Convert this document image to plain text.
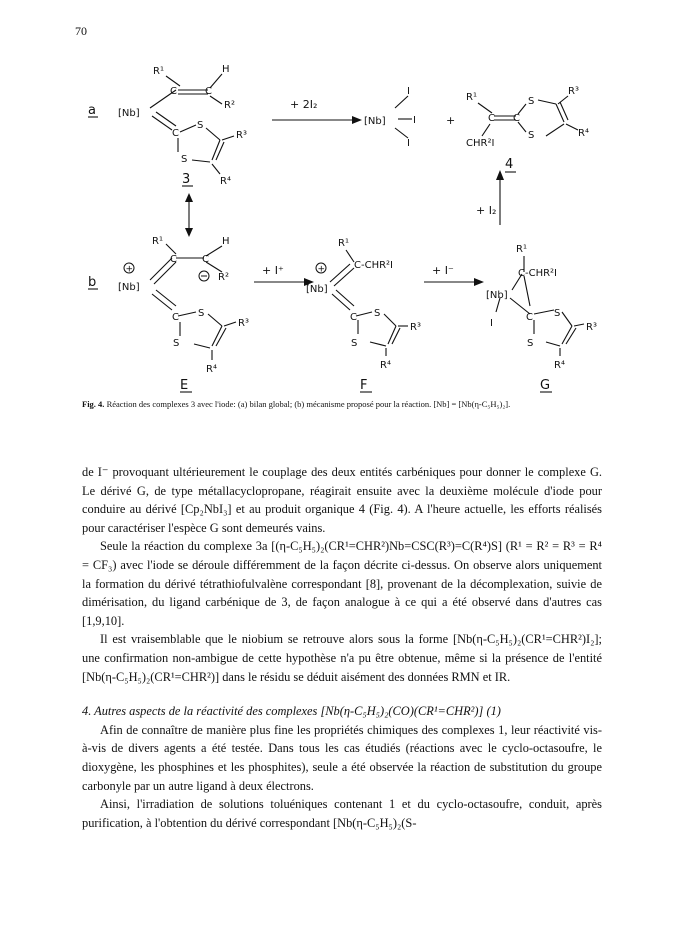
70
a
b
R¹	H
C	C
R²
[Nb]
C
S
R³
S
R⁴
3
+ 2I₂
[Nb]
I
I
I
+
R¹
C C
S
S
R³
R⁴
CHR²I
4
+ I₂
R¹	H
C	C
R²
+
[Nb]
C S
R³
S
R⁴
E
+ I⁺
R¹
+	C-CHR²I
[Nb]
C S
R³
S
R⁴
F
+ I⁻
R¹
C-CHR²I
[Nb]
I
C S
R³
S
R⁴
G
Fig. 4. Réaction des complexes 3 avec l'iode: (a) bilan global; (b) mécanisme proposé pour la réaction. [Nb] = [Nb(η-C₅H₅)₂].

de I⁻ provoquant ultérieurement le couplage des deux entités carbéniques pour donner le complexe G. Le dérivé G, de type métallacyclopropane, réagirait ensuite avec la deuxième molécule d'iode pour conduire au dérivé [Cp₂NbI₃] et au produit organique 4 (Fig. 4). A l'heure actuelle, les efforts réalisés pour caractériser l'espèce G sont demeurés vains.

Seule la réaction du complexe 3a [(η-C₅H₅)₂(CR¹=CHR²)Nb=CSC(R³)=C(R⁴)S] (R¹ = R² = R³ = R⁴ = CF₃) avec l'iode se déroule différemment de la façon décrite ci-dessus. On observe alors uniquement la formation du dérivé tétrathiofulvalène correspondant [8], provenant de la décomplexation, suivie de dimérisation, du ligand carbénique de 3, de façon analogue à ce qui a été observé dans d'autres cas [1,9,10].

Il est vraisemblable que le niobium se retrouve alors sous la forme [Nb(η-C₅H₅)₂(CR¹=CHR²)I₂]; une confirmation non-ambigue de cette hypothèse n'a pu être obtenue, même si la présence de l'entité [Nb(η-C₅H₅)₂(CR¹=CHR²)] dans le résidu se déduit aisément des données RMN et IR.

4. Autres aspects de la réactivité des complexes [Nb(η-C₅H₅)₂(CO)(CR¹=CHR²)] (1)

Afin de connaître de manière plus fine les propriétés chimiques des complexes 1, leur réactivité vis-à-vis de divers agents a été testée. Dans tous les cas étudiés (réactions avec le cyclo-octasoufre, le dioxygène, les phosphines et les phosphites), seule a été observée la réaction de substitution du groupe carbonyle par un autre ligand à deux électrons.

Ainsi, l'irradiation de solutions toluéniques contenant 1 et du cyclo-octasoufre, conduit, après purification, à l'obtention du dérivé correspondant [Nb(η-C₅H₅)₂(S-
